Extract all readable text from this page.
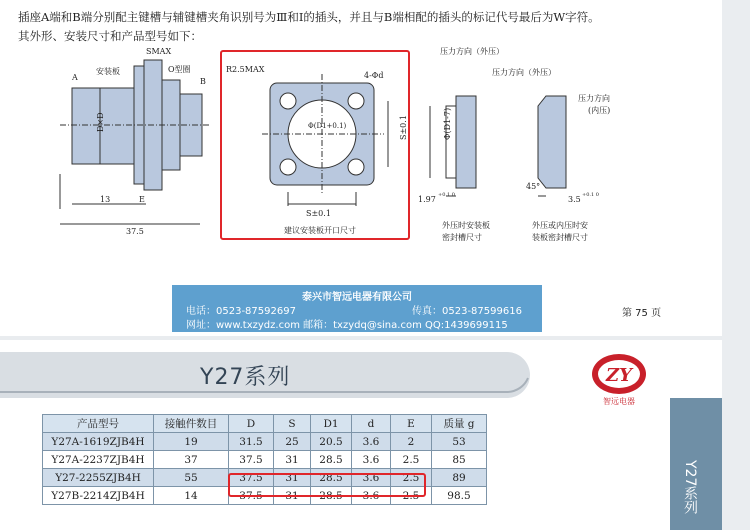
插座A端和B端分别配主键槽与辅键槽夹角识别号为Ⅲ和Ⅰ的插头，并且与B端相配的插头的标记代号最后为W字符。
其外形、安装尺寸和产品型号如下：
D×D
安装板
SMAX
O型圈
A	B
13	E
37.5
R2.5MAX
4-Φd
Φ(D1+0.1)	S±0.1
S±0.1
建议安装板开口尺寸
压力方向（外压）
压力方向（外压）
压力方向
(内压)
Φ(D1-7)
1.97 +0.1 0
45°
3.5 +0.1 0
外压时安装板
密封槽尺寸
外压或内压时安
装板密封槽尺寸
泰兴市智远电器有限公司
电话：0523-87592697	传真：0523-87599616
网址：www.txzydz.com 邮箱：txzydq@sina.com QQ:1439699115
第 75 页
Y27系列	ZY
智远电器
Y27系列
产品型号	接触件数目	D	S	D1	d	E	质量 g
Y27A-1619ZJB4H	19	31.5	25	20.5	3.6	2	53
Y27A-2237ZJB4H	37	37.5	31	28.5	3.6	2.5	85
Y27-2255ZJB4H	55	37.5	31	28.5	3.6	2.5	89
Y27B-2214ZJB4H	14	37.5	31	28.5	3.6	2.5	98.5
